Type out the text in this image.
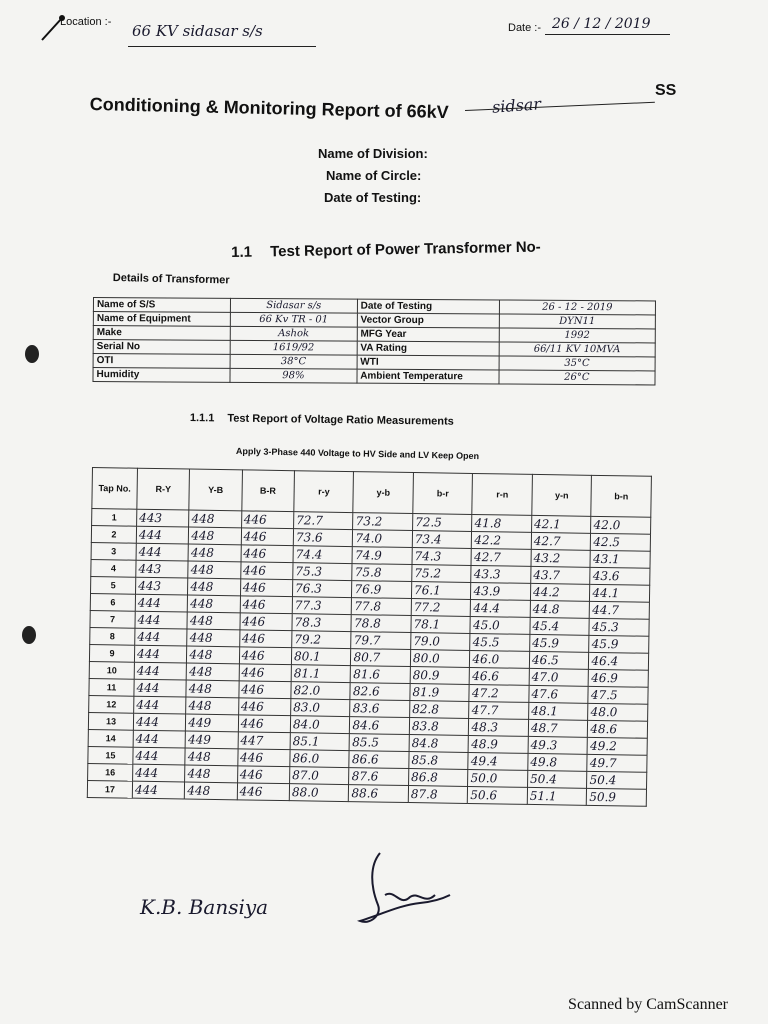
Location :- 66 KV sidasar s/s	Date :- 26 / 12 / 2019
Conditioning & Monitoring Report of 66kV	sidsar
SS
Name of Division:
Name of Circle:
Date of Testing:
1.1 Test Report of Power Transformer No-
Details of Transformer
Name of S/S	Sidasar s/s	Date of Testing	26 - 12 - 2019
Name of Equipment	66 Kv TR - 01	Vector Group	DYN11
Make	Ashok	MFG Year	1992
Serial No	1619/92	VA Rating	66/11 KV 10MVA
OTI	38°C	WTI	35°C
Humidity	98%	Ambient Temperature	26°C
1.1.1 Test Report of Voltage Ratio Measurements
Apply 3-Phase 440 Voltage to HV Side and LV Keep Open
Tap No.	R-Y	Y-B	B-R	r-y	y-b	b-r	r-n	y-n	b-n
1	443	448	446	72.7	73.2	72.5	41.8	42.1	42.0
2	444	448	446	73.6	74.0	73.4	42.2	42.7	42.5
3	444	448	446	74.4	74.9	74.3	42.7	43.2	43.1
4	443	448	446	75.3	75.8	75.2	43.3	43.7	43.6
5	443	448	446	76.3	76.9	76.1	43.9	44.2	44.1
6	444	448	446	77.3	77.8	77.2	44.4	44.8	44.7
7	444	448	446	78.3	78.8	78.1	45.0	45.4	45.3
8	444	448	446	79.2	79.7	79.0	45.5	45.9	45.9
9	444	448	446	80.1	80.7	80.0	46.0	46.5	46.4
10	444	448	446	81.1	81.6	80.9	46.6	47.0	46.9
11	444	448	446	82.0	82.6	81.9	47.2	47.6	47.5
12	444	448	446	83.0	83.6	82.8	47.7	48.1	48.0
13	444	449	446	84.0	84.6	83.8	48.3	48.7	48.6
14	444	449	447	85.1	85.5	84.8	48.9	49.3	49.2
15	444	448	446	86.0	86.6	85.8	49.4	49.8	49.7
16	444	448	446	87.0	87.6	86.8	50.0	50.4	50.4
17	444	448	446	88.0	88.6	87.8	50.6	51.1	50.9
K.B. Bansiya
Scanned by CamScanner
